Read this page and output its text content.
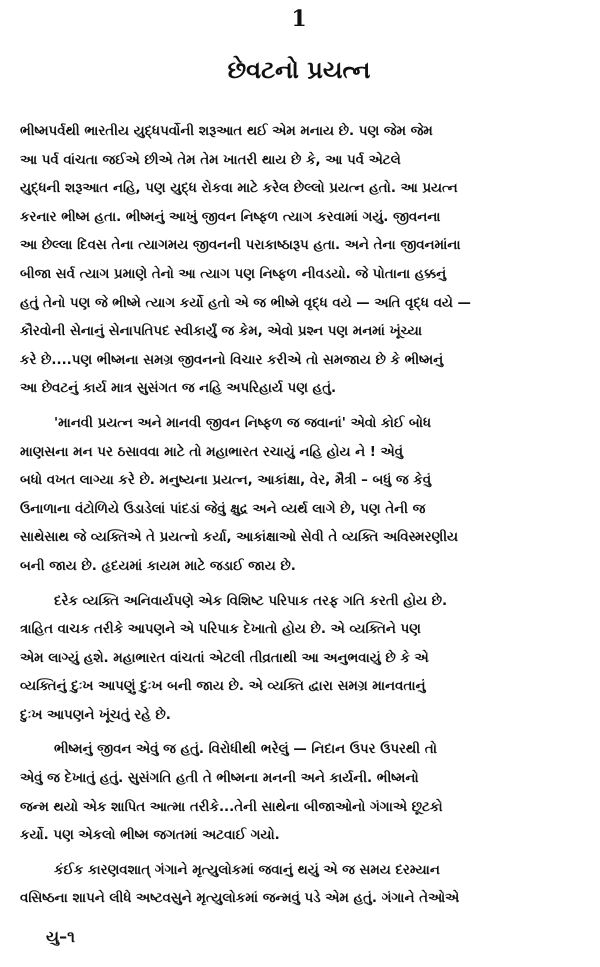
1
છેવટનો પ્રયત્ન
ભીષ્મપર્વથી ભારતીય યુદ્ધપર્વોની શરૂઆત થઈ એમ મનાય છે. પણ જેમ જેમ
આ પર્વ વાંચતા જઈએ છીએ તેમ તેમ ખાતરી થાય છે કે, આ પર્વ એટલે
યુદ્ધની શરૂઆત નહિ, પણ યુદ્ધ રોકવા માટે કરેલ છેલ્લો પ્રયત્ન હતો. આ પ્રયત્ન
કરનાર ભીષ્મ હતા. ભીષ્મનું આખું જીવન નિષ્ફળ ત્યાગ કરવામાં ગયું. જીવનના
આ છેલ્લા દિવસ તેના ત્યાગમય જીવનની પરાકાષ્ઠારૂપ હતા. અને તેના જીવનમાંના
બીજા સર્વ ત્યાગ પ્રમાણે તેનો આ ત્યાગ પણ નિષ્ફળ નીવડયો. જે પોતાના હક્કનું
હતું તેનો પણ જે ભીષ્મે ત્યાગ કર્યો હતો એ જ ભીષ્મે વૃદ્ધ વયે — અતિ વૃદ્ધ વયે —
કૌરવોની સેનાનું સેનાપતિપદ સ્વીકાર્યું જ કેમ, એવો પ્રશ્ન પણ મનમાં ખૂંચ્યા
કરે છે....પણ ભીષ્મના સમગ્ર જીવનનો વિચાર કરીએ તો સમજાય છે કે ભીષ્મનું
આ છેવટનું કાર્ય માત્ર સુસંગત જ નહિ અપરિહાર્ય પણ હતું.
'માનવી પ્રયત્ન અને માનવી જીવન નિષ્ફળ જ જવાનાં' એવો કોઈ બોધ
માણસના મન પર ઠસાવવા માટે તો મહાભારત રચાયું નહિ હોય ને ! એવું
બધો વખત લાગ્યા કરે છે. મનુષ્યના પ્રયત્ન, આકાંક્ષા, વેર, મૈત્રી – બધું જ કેવું
ઉનાળાના વંટોળિયે ઉડાડેલાં પાંદડાં જેવું ક્ષુદ્ર અને વ્યર્થ લાગે છે, પણ તેની જ
સાથેસાથ જે વ્યક્તિએ તે પ્રયત્નો કર્યા, આકાંક્ષાઓ સેવી તે વ્યક્તિ અવિસ્મરણીય
બની જાય છે. હૃદયમાં કાયમ માટે જડાઈ જાય છે.
દરેક વ્યક્તિ અનિવાર્યપણે એક વિશિષ્ટ પરિપાક તરફ ગતિ કરતી હોય છે.
ત્રાહિત વાચક તરીકે આપણને એ પરિપાક દેખાતો હોય છે. એ વ્યક્તિને પણ
એમ લાગ્યું હશે. મહાભારત વાંચતાં એટલી તીવ્રતાથી આ અનુભવાયું છે કે એ
વ્યક્તિનું દુઃખ આપણું દુઃખ બની જાય છે. એ વ્યક્તિ દ્વારા સમગ્ર માનવતાનું
દુઃખ આપણને ખૂંચતું રહે છે.
ભીષ્મનું જીવન એવું જ હતું. વિરોધીથી ભરેલું — નિદાન ઉપર ઉપરથી તો
એવું જ દેખાતું હતું. સુસંગતિ હતી તે ભીષ્મના મનની અને કાર્યની. ભીષ્મનો
જન્મ થયો એક શાપિત આત્મા તરીકે...તેની સાથેના બીજાઓનો ગંગાએ છૂટકો
કર્યો. પણ એકલો ભીષ્મ જગતમાં અટવાઈ ગયો.
કંઈક કારણવશાત્ ગંગાને મૃત્યુલોકમાં જવાનું થયું એ જ સમય દરમ્યાન
વસિષ્ઠના શાપને લીધે અષ્ટવસુને મૃત્યુલોકમાં જન્મવું પડે એમ હતું. ગંગાને તેઓએ
યુ–૧
